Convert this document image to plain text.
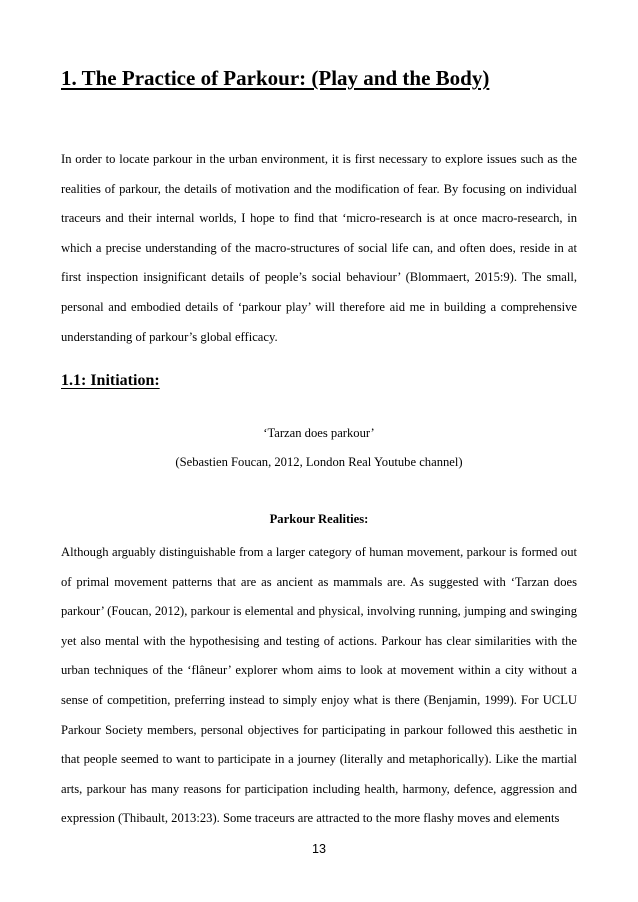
1. The Practice of Parkour: (Play and the Body)

In order to locate parkour in the urban environment, it is first necessary to explore issues such as the realities of parkour, the details of motivation and the modification of fear. By focusing on individual traceurs and their internal worlds, I hope to find that ‘micro-research is at once macro-research, in which a precise understanding of the macro-structures of social life can, and often does, reside in at first inspection insignificant details of people’s social behaviour’ (Blommaert, 2015:9). The small, personal and embodied details of ‘parkour play’ will therefore aid me in building a comprehensive understanding of parkour’s global efficacy.

1.1: Initiation:
‘Tarzan does parkour’
(Sebastien Foucan, 2012, London Real Youtube channel)
Parkour Realities:

Although arguably distinguishable from a larger category of human movement, parkour is formed out of primal movement patterns that are as ancient as mammals are. As suggested with ‘Tarzan does parkour’ (Foucan, 2012), parkour is elemental and physical, involving running, jumping and swinging yet also mental with the hypothesising and testing of actions. Parkour has clear similarities with the urban techniques of the ‘flâneur’ explorer whom aims to look at movement within a city without a sense of competition, preferring instead to simply enjoy what is there (Benjamin, 1999). For UCLU Parkour Society members, personal objectives for participating in parkour followed this aesthetic in that people seemed to want to participate in a journey (literally and metaphorically). Like the martial arts, parkour has many reasons for participation including health, harmony, defence, aggression and expression (Thibault, 2013:23). Some traceurs are attracted to the more flashy moves and elements

13
